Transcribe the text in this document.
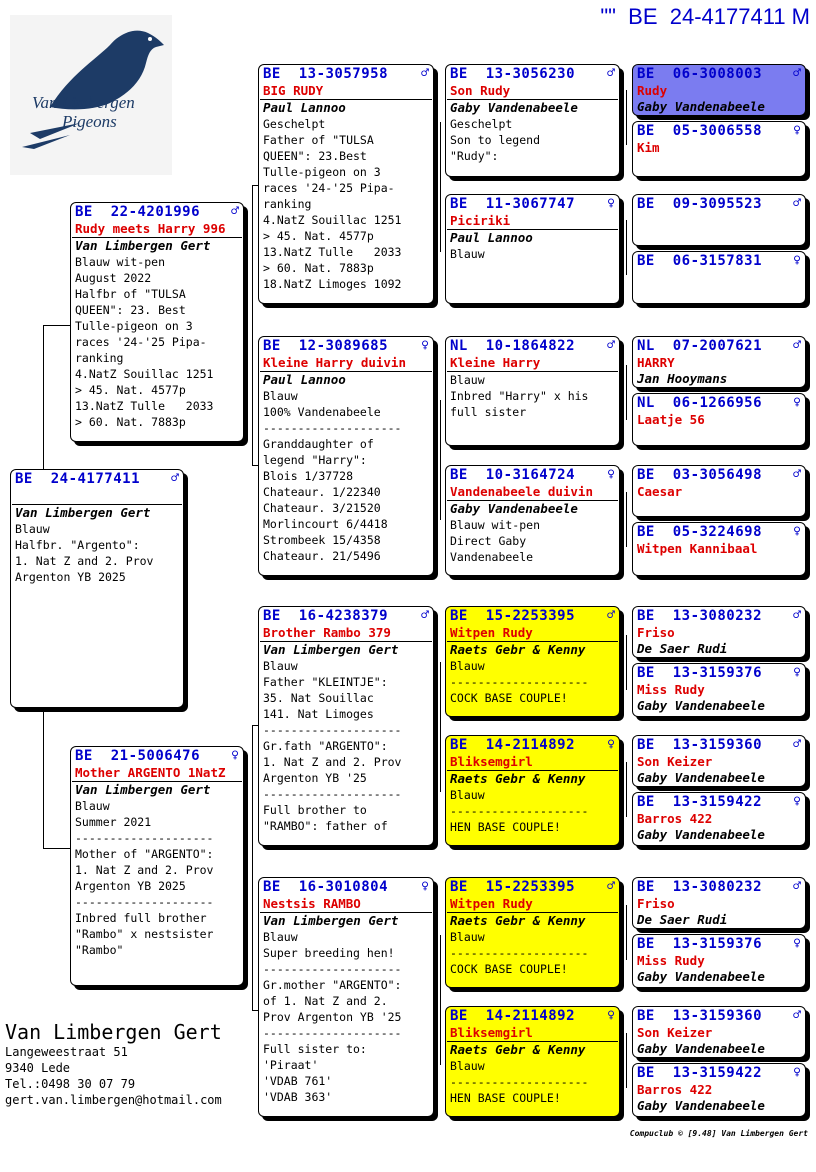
"" BE  24-4177411 M
Van Limbergen
Pigeons
BE  24-4177411 ♂
Van Limbergen Gert
Blauw
Halfbr. "Argento":
1. Nat Z and 2. Prov
Argenton YB 2025
BE  22-4201996 ♂
Rudy meets Harry 996
Van Limbergen Gert
Blauw wit-pen
August 2022
Halfbr of "TULSA
QUEEN": 23. Best
Tulle-pigeon on 3
races '24-'25 Pipa-
ranking
4.NatZ Souillac 1251
> 45. Nat. 4577p
13.NatZ Tulle   2033
> 60. Nat. 7883p
BE  21-5006476 ♀
Mother ARGENTO 1NatZ
Van Limbergen Gert
Blauw
Summer 2021
--------------------
Mother of "ARGENTO":
1. Nat Z and 2. Prov
Argenton YB 2025
--------------------
Inbred full brother
"Rambo" x nestsister
"Rambo"
BE  13-3057958	♂
BIG RUDY
Paul Lannoo
Geschelpt
Father of "TULSA
QUEEN": 23.Best
Tulle-pigeon on 3
races '24-'25 Pipa-
ranking
4.NatZ Souillac 1251
> 45. Nat. 4577p
13.NatZ Tulle   2033
> 60. Nat. 7883p
18.NatZ Limoges 1092
BE  12-3089685	♀
Kleine Harry duivin
Paul Lannoo
Blauw
100% Vandenabeele
--------------------
Granddaughter of
legend "Harry":
Blois 1/37728
Chateaur. 1/22340
Chateaur. 3/21520
Morlincourt 6/4418
Strombeek 15/4358
Chateaur. 21/5496
BE  16-4238379	♂
Brother Rambo 379
Van Limbergen Gert
Blauw
Father "KLEINTJE":
35. Nat Souillac
141. Nat Limoges
--------------------
Gr.fath "ARGENTO":
1. Nat Z and 2. Prov
Argenton YB '25
--------------------
Full brother to
"RAMBO": father of
BE  16-3010804	♀
Nestsis RAMBO
Van Limbergen Gert
Blauw
Super breeding hen!
--------------------
Gr.mother "ARGENTO":
of 1. Nat Z and 2.
Prov Argenton YB '25
--------------------
Full sister to:
'Piraat'
'VDAB 761'
'VDAB 363'
BE  13-3056230 ♂
Son Rudy
Gaby Vandenabeele
Geschelpt
Son to legend
"Rudy":
BE  11-3067747 ♀
Piciriki
Paul Lannoo
Blauw
NL  10-1864822 ♂
Kleine Harry
Blauw
Inbred "Harry" x his
full sister
BE  10-3164724 ♀
Vandenabeele duivin
Gaby Vandenabeele
Blauw wit-pen
Direct Gaby
Vandenabeele
BE  15-2253395 ♂
Witpen Rudy
Raets Gebr & Kenny
Blauw
--------------------
COCK BASE COUPLE!
BE  14-2114892 ♀
Bliksemgirl
Raets Gebr & Kenny
Blauw
--------------------
HEN BASE COUPLE!
BE  15-2253395 ♂
Witpen Rudy
Raets Gebr & Kenny
Blauw
--------------------
COCK BASE COUPLE!
BE  14-2114892 ♀
Bliksemgirl
Raets Gebr & Kenny
Blauw
--------------------
HEN BASE COUPLE!
BE  06-3008003 ♂
Rudy
Gaby Vandenabeele
BE  05-3006558 ♀
Kim
BE  09-3095523 ♂
BE  06-3157831 ♀
NL  07-2007621 ♂
HARRY
Jan Hooymans
NL  06-1266956 ♀
Laatje 56
BE  03-3056498 ♂
Caesar
BE  05-3224698 ♀
Witpen Kannibaal
BE  13-3080232 ♂
Friso
De Saer Rudi
BE  13-3159376 ♀
Miss Rudy
Gaby Vandenabeele
BE  13-3159360 ♂
Son Keizer
Gaby Vandenabeele
BE  13-3159422 ♀
Barros 422
Gaby Vandenabeele
BE  13-3080232 ♂
Friso
De Saer Rudi
BE  13-3159376 ♀
Miss Rudy
Gaby Vandenabeele
BE  13-3159360 ♂
Son Keizer
Gaby Vandenabeele
BE  13-3159422 ♀
Barros 422
Gaby Vandenabeele
Van Limbergen Gert
Langeweestraat 51
9340 Lede
Tel.:0498 30 07 79
gert.van.limbergen@hotmail.com
Compuclub © [9.48] Van Limbergen Gert
